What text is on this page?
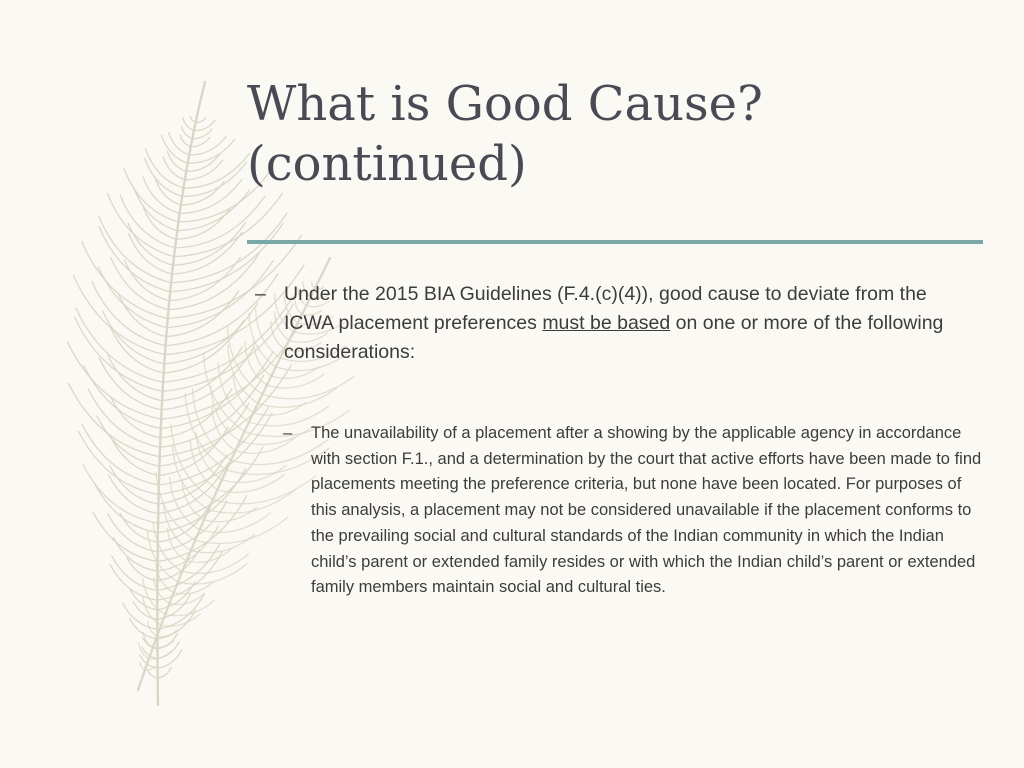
What is Good Cause?
(continued)
– Under the 2015 BIA Guidelines (F.4.(c)(4)), good cause to deviate from the ICWA placement preferences must be based on one or more of the following considerations:
– The unavailability of a placement after a showing by the applicable agency in accordance with section F.1., and a determination by the court that active efforts have been made to find placements meeting the preference criteria, but none have been located. For purposes of this analysis, a placement may not be considered unavailable if the placement conforms to the prevailing social and cultural standards of the Indian community in which the Indian child’s parent or extended family resides or with which the Indian child’s parent or extended family members maintain social and cultural ties.
